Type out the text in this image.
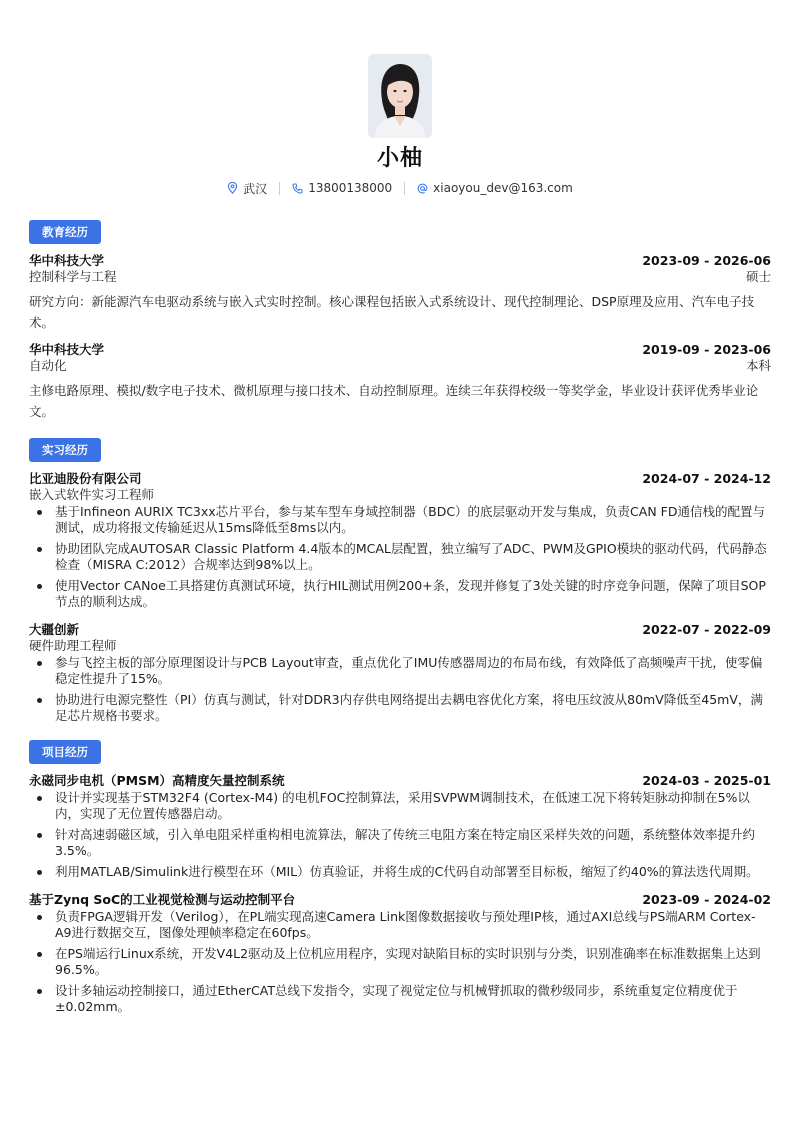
小柚
武汉	13800138000	xiaoyou_dev@163.com
教育经历
华中科技大学	2023-09 - 2026-06
控制科学与工程	硕士
研究方向：新能源汽车电驱动系统与嵌入式实时控制。核心课程包括嵌入式系统设计、现代控制理论、DSP原理及应用、汽车电子技术。
华中科技大学	2019-09 - 2023-06
自动化	本科
主修电路原理、模拟/数字电子技术、微机原理与接口技术、自动控制原理。连续三年获得校级一等奖学金，毕业设计获评优秀毕业论文。
实习经历
比亚迪股份有限公司	2024-07 - 2024-12
嵌入式软件实习工程师
基于Infineon AURIX TC3xx芯片平台，参与某车型车身域控制器（BDC）的底层驱动开发与集成，负责CAN FD通信栈的配置与测试，成功将报文传输延迟从15ms降低至8ms以内。
协助团队完成AUTOSAR Classic Platform 4.4版本的MCAL层配置，独立编写了ADC、PWM及GPIO模块的驱动代码，代码静态检查（MISRA C:2012）合规率达到98%以上。
使用Vector CANoe工具搭建仿真测试环境，执行HIL测试用例200+条，发现并修复了3处关键的时序竞争问题，保障了项目SOP节点的顺利达成。
大疆创新	2022-07 - 2022-09
硬件助理工程师
参与飞控主板的部分原理图设计与PCB Layout审查，重点优化了IMU传感器周边的布局布线，有效降低了高频噪声干扰，使零偏稳定性提升了15%。
协助进行电源完整性（PI）仿真与测试，针对DDR3内存供电网络提出去耦电容优化方案，将电压纹波从80mV降低至45mV，满足芯片规格书要求。
项目经历
永磁同步电机（PMSM）高精度矢量控制系统	2024-03 - 2025-01
设计并实现基于STM32F4 (Cortex-M4) 的电机FOC控制算法，采用SVPWM调制技术，在低速工况下将转矩脉动抑制在5%以内，实现了无位置传感器启动。
针对高速弱磁区域，引入单电阻采样重构相电流算法，解决了传统三电阻方案在特定扇区采样失效的问题，系统整体效率提升约3.5%。
利用MATLAB/Simulink进行模型在环（MIL）仿真验证，并将生成的C代码自动部署至目标板，缩短了约40%的算法迭代周期。
基于Zynq SoC的工业视觉检测与运动控制平台	2023-09 - 2024-02
负责FPGA逻辑开发（Verilog），在PL端实现高速Camera Link图像数据接收与预处理IP核，通过AXI总线与PS端ARM Cortex-A9进行数据交互，图像处理帧率稳定在60fps。
在PS端运行Linux系统，开发V4L2驱动及上位机应用程序，实现对缺陷目标的实时识别与分类，识别准确率在标准数据集上达到96.5%。
设计多轴运动控制接口，通过EtherCAT总线下发指令，实现了视觉定位与机械臂抓取的微秒级同步，系统重复定位精度优于±0.02mm。
